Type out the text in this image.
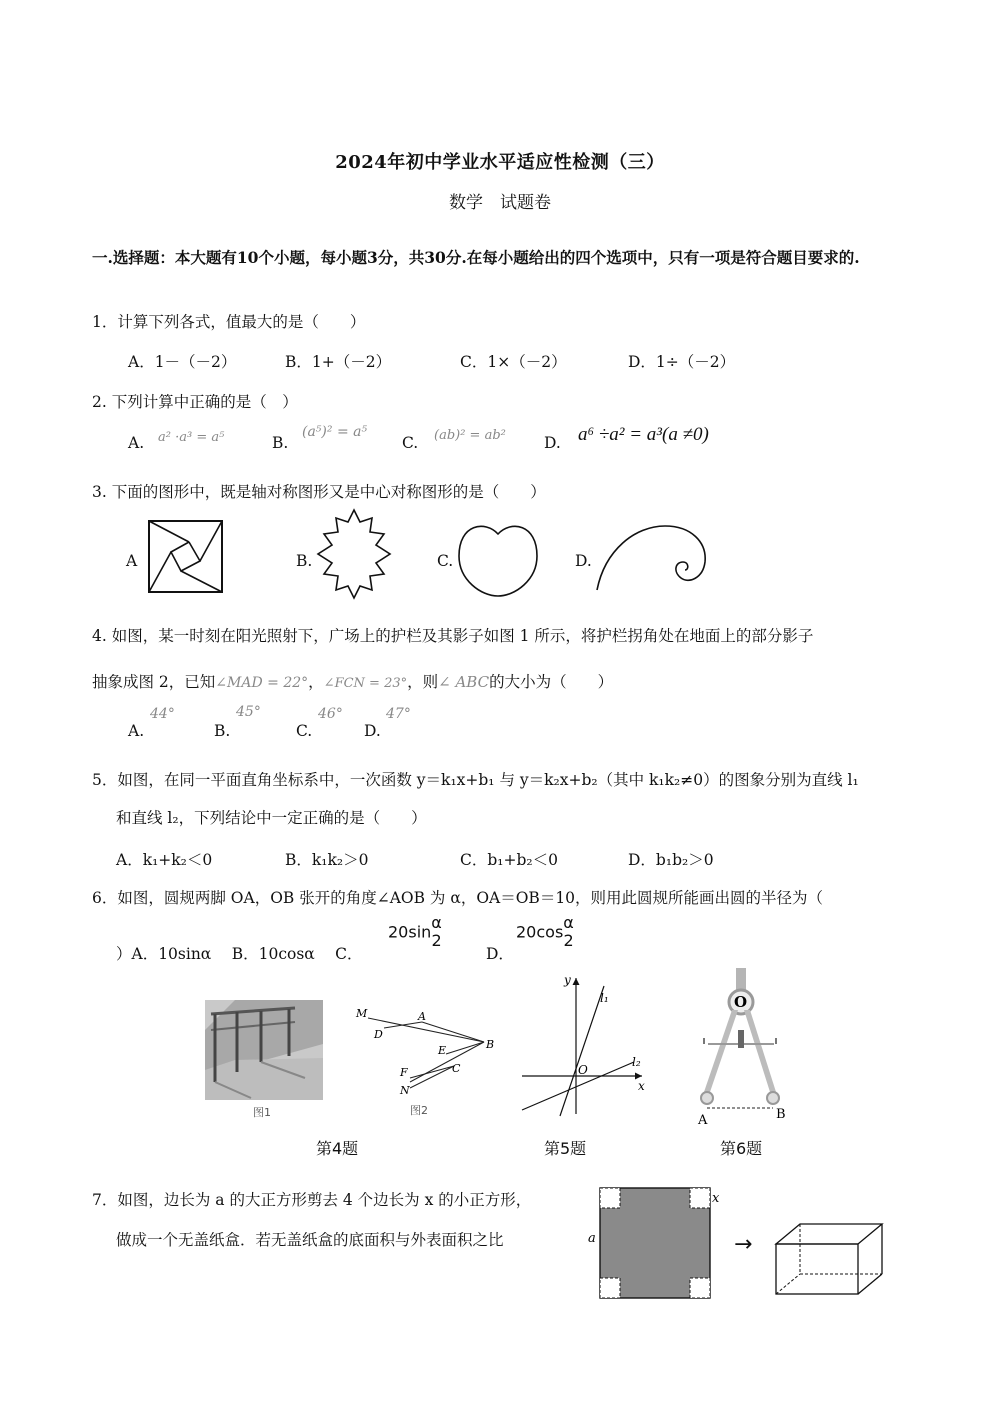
2024年初中学业水平适应性检测（三）
数学　试题卷
一.选择题：本大题有10个小题，每小题3分，共30分.在每小题给出的四个选项中，只有一项是符合题目要求的.
1．计算下列各式，值最大的是（　　）
A．1－（－2）	B．1+（－2）	C．1×（－2）	D．1÷（－2）
2. 下列计算中正确的是（　）
A. a² ·a³ = a⁵	B.
(a⁵)² = a⁵
C. (ab)² = ab² D. a⁶ ÷a² = a³(a ≠0)
3. 下面的图形中，既是轴对称图形又是中心对称图形的是（　　）
A	B.	C.	D.
4. 如图，某一时刻在阳光照射下，广场上的护栏及其影子如图 1 所示，将护栏拐角处在地面上的部分影子
抽象成图 2，已知∠MAD = 22°，∠FCN = 23°，则∠ ABC的大小为（　　）
A.
44°
B.
45°
C.
46°
D.
47°
5．如图，在同一平面直角坐标系中，一次函数 y＝k₁x+b₁ 与 y＝k₂x+b₂（其中 k₁k₂≠0）的图象分别为直线 l₁
和直线 l₂，下列结论中一定正确的是（　　）
A．k₁+k₂＜0	B．k₁k₂＞0	C．b₁+b₂＜0	D．b₁b₂＞0
6．如图，圆规两脚 OA，OB 张开的角度∠AOB 为 α，OA＝OB＝10，则用此圆规所能画出圆的半径为（
）A．10sinα　 B．10cosα　 C．
20sin α
2
D．
20cos α
2
图1
M	A
D
B
E
C
F
N
图2
第4题
y
x
O
l₁
l₂
第5题
O
A	B
第6题
7．如图，边长为 a 的大正方形剪去 4 个边长为 x 的小正方形，
做成一个无盖纸盒．若无盖纸盒的底面积与外表面积之比	a
x
→
